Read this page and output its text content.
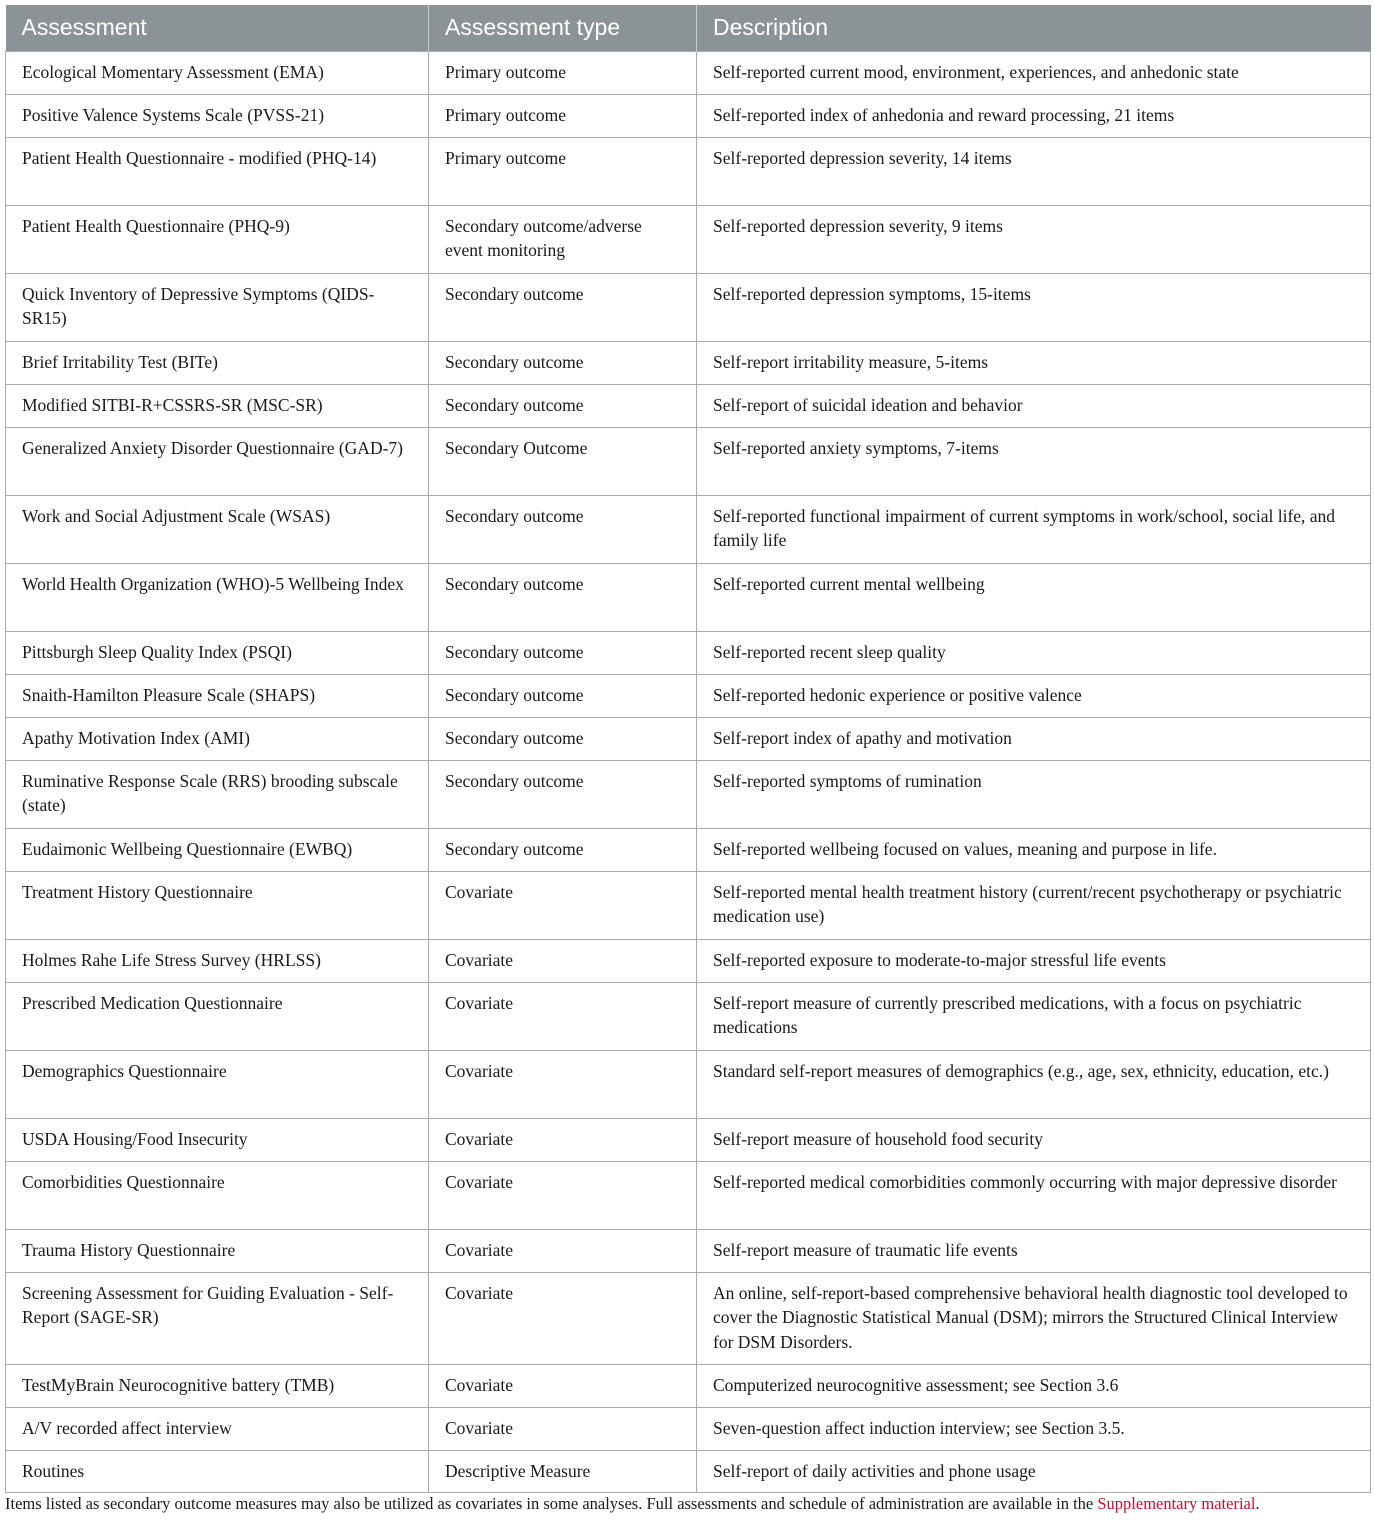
Assessment	Assessment type	Description
Ecological Momentary Assessment (EMA)	Primary outcome	Self-reported current mood, environment, experiences, and anhedonic state
Positive Valence Systems Scale (PVSS-21)	Primary outcome	Self-reported index of anhedonia and reward processing, 21 items
Patient Health Questionnaire - modified (PHQ-14)	Primary outcome	Self-reported depression severity, 14 items
Patient Health Questionnaire (PHQ-9)	Secondary outcome/adverse event monitoring	Self-reported depression severity, 9 items
Quick Inventory of Depressive Symptoms (QIDS-SR15)	Secondary outcome	Self-reported depression symptoms, 15-items
Brief Irritability Test (BITe)	Secondary outcome	Self-report irritability measure, 5-items
Modified SITBI-R+CSSRS-SR (MSC-SR)	Secondary outcome	Self-report of suicidal ideation and behavior
Generalized Anxiety Disorder Questionnaire (GAD-7)	Secondary Outcome	Self-reported anxiety symptoms, 7-items
Work and Social Adjustment Scale (WSAS)	Secondary outcome	Self-reported functional impairment of current symptoms in work/school, social life, and family life
World Health Organization (WHO)-5 Wellbeing Index	Secondary outcome	Self-reported current mental wellbeing
Pittsburgh Sleep Quality Index (PSQI)	Secondary outcome	Self-reported recent sleep quality
Snaith-Hamilton Pleasure Scale (SHAPS)	Secondary outcome	Self-reported hedonic experience or positive valence
Apathy Motivation Index (AMI)	Secondary outcome	Self-report index of apathy and motivation
Ruminative Response Scale (RRS) brooding subscale (state)	Secondary outcome	Self-reported symptoms of rumination
Eudaimonic Wellbeing Questionnaire (EWBQ)	Secondary outcome	Self-reported wellbeing focused on values, meaning and purpose in life.
Treatment History Questionnaire	Covariate	Self-reported mental health treatment history (current/recent psychotherapy or psychiatric medication use)
Holmes Rahe Life Stress Survey (HRLSS)	Covariate	Self-reported exposure to moderate-to-major stressful life events
Prescribed Medication Questionnaire	Covariate	Self-report measure of currently prescribed medications, with a focus on psychiatric medications
Demographics Questionnaire	Covariate	Standard self-report measures of demographics (e.g., age, sex, ethnicity, education, etc.)
USDA Housing/Food Insecurity	Covariate	Self-report measure of household food security
Comorbidities Questionnaire	Covariate	Self-reported medical comorbidities commonly occurring with major depressive disorder
Trauma History Questionnaire	Covariate	Self-report measure of traumatic life events
Screening Assessment for Guiding Evaluation - Self-Report (SAGE-SR)	Covariate	An online, self-report-based comprehensive behavioral health diagnostic tool developed to cover the Diagnostic Statistical Manual (DSM); mirrors the Structured Clinical Interview for DSM Disorders.
TestMyBrain Neurocognitive battery (TMB)	Covariate	Computerized neurocognitive assessment; see Section 3.6
A/V recorded affect interview	Covariate	Seven-question affect induction interview; see Section 3.5.
Routines	Descriptive Measure	Self-report of daily activities and phone usage
Items listed as secondary outcome measures may also be utilized as covariates in some analyses. Full assessments and schedule of administration are available in the Supplementary material.
